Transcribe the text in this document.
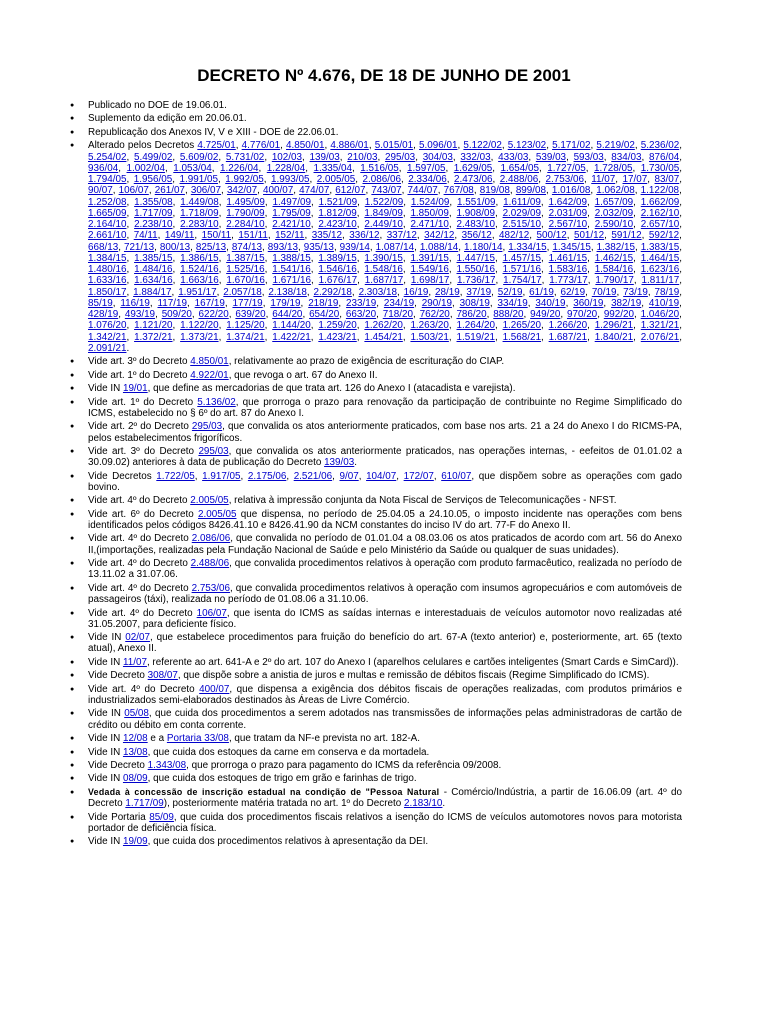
DECRETO Nº 4.676, DE 18 DE JUNHO DE 2001
● Publicado no DOE de 19.06.01.
● Suplemento da edição em 20.06.01.
● Republicação dos Anexos IV, V e XIII - DOE de 22.06.01.
● Alterado pelos Decretos 4.725/01, 4.776/01, 4.850/01, 4.886/01, 5.015/01, 5.096/01, 5.122/02, 5.123/02, 5.171/02, 5.219/02, 5.236/02, 5.254/02, 5.499/02, 5.609/02, 5.731/02, 102/03, 139/03, 210/03, 295/03, 304/03, 332/03, 433/03, 539/03, 593/03, 834/03, 876/04, 936/04, 1.002/04, 1.053/04, 1.226/04, 1.228/04, 1.335/04, 1.516/05, 1.597/05, 1.629/05, 1.654/05, 1.727/05, 1.728/05, 1.730/05, 1.794/05, 1.956/05, 1.991/05, 1.992/05, 1.993/05, 2.005/05, 2.086/06, 2.334/06, 2.473/06, 2.488/06, 2.753/06, 11/07, 17/07, 83/07, 90/07, 106/07, 261/07, 306/07, 342/07, 400/07, 474/07, 612/07, 743/07, 744/07, 767/08, 819/08, 899/08, 1.016/08, 1.062/08, 1.122/08, 1.252/08, 1.355/08, 1.449/08, 1.495/09, 1.497/09, 1.521/09, 1.522/09, 1.524/09, 1.551/09, 1.611/09, 1.642/09, 1.657/09, 1.662/09, 1.665/09, 1.717/09, 1.718/09, 1.790/09, 1.795/09, 1.812/09, 1.849/09, 1.850/09, 1.908/09, 2.029/09, 2.031/09, 2.032/09, 2.162/10, 2.164/10, 2.238/10, 2.283/10, 2.284/10, 2.421/10, 2.423/10, 2.449/10, 2.471/10, 2.483/10, 2.515/10, 2.567/10, 2.590/10, 2.657/10, 2.661/10, 74/11, 149/11, 150/11, 151/11, 152/11, 335/12, 336/12, 337/12, 342/12, 356/12, 482/12, 500/12, 501/12, 591/12, 592/12, 668/13, 721/13, 800/13, 825/13, 874/13, 893/13, 935/13, 939/14, 1.087/14, 1.088/14, 1.180/14, 1.334/15, 1.345/15, 1.382/15, 1.383/15, 1.384/15, 1.385/15, 1.386/15, 1.387/15, 1.388/15, 1.389/15, 1.390/15, 1.391/15, 1.447/15, 1.457/15, 1.461/15, 1.462/15, 1.464/15, 1.480/16, 1.484/16, 1.524/16, 1.525/16, 1.541/16, 1.546/16, 1.548/16, 1.549/16, 1.550/16, 1.571/16, 1.583/16, 1.584/16, 1.623/16, 1.633/16, 1.634/16, 1.663/16, 1.670/16, 1.671/16, 1.676/17, 1.687/17, 1.698/17, 1.736/17, 1.754/17, 1.773/17, 1.790/17, 1.811/17, 1.850/17, 1.884/17, 1.951/17, 2.057/18, 2.138/18, 2.292/18, 2.303/18, 16/19, 28/19, 37/19, 52/19, 61/19, 62/19, 70/19, 73/19, 78/19, 85/19, 116/19, 117/19, 167/19, 177/19, 179/19, 218/19, 233/19, 234/19, 290/19, 308/19, 334/19, 340/19, 360/19, 382/19, 410/19, 428/19, 493/19, 509/20, 622/20, 639/20, 644/20, 654/20, 663/20, 718/20, 762/20, 786/20, 888/20, 949/20, 970/20, 992/20, 1.046/20, 1.076/20, 1.121/20, 1.122/20, 1.125/20, 1.144/20, 1.259/20, 1.262/20, 1.263/20, 1.264/20, 1.265/20, 1.266/20, 1.296/21, 1.321/21, 1.342/21, 1.372/21, 1.373/21, 1.374/21, 1.422/21, 1.423/21, 1.454/21, 1.503/21, 1.519/21, 1.568/21, 1.687/21, 1.840/21, 2.076/21, 2.091/21.
● Vide art. 3º do Decreto 4.850/01, relativamente ao prazo de exigência de escrituração do CIAP.
● Vide art. 1º do Decreto 4.922/01, que revoga o art. 67 do Anexo II.
● Vide IN 19/01, que define as mercadorias de que trata art. 126 do Anexo I (atacadista e varejista).
● Vide art. 1º do Decreto 5.136/02, que prorroga o prazo para renovação da participação de contribuinte no Regime Simplificado do ICMS, estabelecido no § 6º do art. 87 do Anexo I.
● Vide art. 2º do Decreto 295/03, que convalida os atos anteriormente praticados, com base nos arts. 21 a 24 do Anexo I do RICMS-PA, pelos estabelecimentos frigoríficos.
● Vide art. 3º do Decreto 295/03, que convalida os atos anteriormente praticados, nas operações internas, - eefeitos de 01.01.02 a 30.09.02) anteriores à data de publicação do Decreto 139/03.
● Vide Decretos 1.722/05, 1.917/05, 2.175/06, 2.521/06, 9/07, 104/07, 172/07, 610/07, que dispõem sobre as operações com gado bovino.
● Vide art. 4º do Decreto 2.005/05, relativa à impressão conjunta da Nota Fiscal de Serviços de Telecomunicações - NFST.
● Vide art. 6º do Decreto 2.005/05 que dispensa, no período de 25.04.05 a 24.10.05, o imposto incidente nas operações com bens identificados pelos códigos 8426.41.10 e 8426.41.90 da NCM constantes do inciso IV do art. 77-F do Anexo II.
● Vide art. 4º do Decreto 2.086/06, que convalida no período de 01.01.04 a 08.03.06 os atos praticados de acordo com art. 56 do Anexo II,(importações, realizadas pela Fundação Nacional de Saúde e pelo Ministério da Saúde ou qualquer de suas unidades).
● Vide art. 4º do Decreto 2.488/06, que convalida procedimentos relativos à operação com produto farmacêutico, realizada no período de 13.11.02 a 31.07.06.
● Vide art. 4º do Decreto 2.753/06, que convalida procedimentos relativos à operação com insumos agropecuários e com automóveis de passageiros (táxi), realizada no período de 01.08.06 a 31.10.06.
● Vide art. 4º do Decreto 106/07, que isenta do ICMS as saídas internas e interestaduais de veículos automotor novo realizadas até 31.05.2007, para deficiente físico.
● Vide IN 02/07, que estabelece procedimentos para fruição do benefício do art. 67-A (texto anterior) e, posteriormente, art. 65 (texto atual), Anexo II.
● Vide IN 11/07, referente ao art. 641-A e 2º do art. 107 do Anexo I (aparelhos celulares e cartões inteligentes (Smart Cards e SimCard)).
● Vide Decreto 308/07, que dispõe sobre a anistia de juros e multas e remissão de débitos fiscais (Regime Simplificado do ICMS).
● Vide art. 4º do Decreto 400/07, que dispensa a exigência dos débitos fiscais de operações realizadas, com produtos primários e industrializados semi-elaborados destinados às Áreas de Livre Comércio.
● Vide IN 05/08, que cuida dos procedimentos a serem adotados nas transmissões de informações pelas administradoras de cartão de crédito ou débito em conta corrente.
● Vide IN 12/08 e a Portaria 33/08, que tratam da NF-e prevista no art. 182-A.
● Vide IN 13/08, que cuida dos estoques da carne em conserva e da mortadela.
● Vide Decreto 1.343/08, que prorroga o prazo para pagamento do ICMS da referência 09/2008.
● Vide IN 08/09, que cuida dos estoques de trigo em grão e farinhas de trigo.
● Vedada à concessão de inscrição estadual na condição de "Pessoa Natural - Comércio/Indústria, a partir de 16.06.09 (art. 4º do Decreto 1.717/09), posteriormente matéria tratada no art. 1º do Decreto 2.183/10.
● Vide Portaria 85/09, que cuida dos procedimentos fiscais relativos a isenção do ICMS de veículos automotores novos para motorista portador de deficiência física.
● Vide IN 19/09, que cuida dos procedimentos relativos à apresentação da DEI.
